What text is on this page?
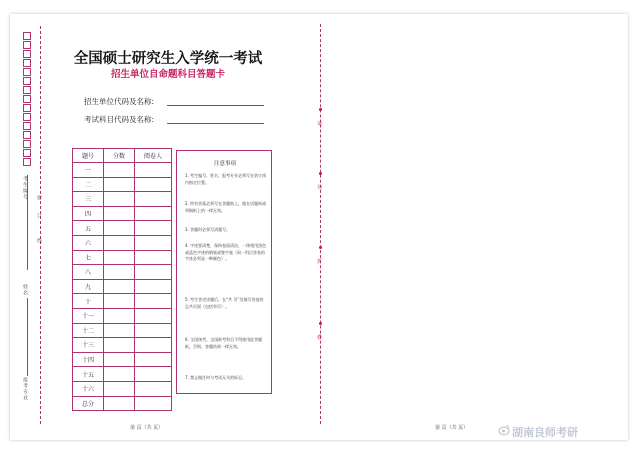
考生编号 密
订
线
姓名
报考专业
全国硕士研究生入学统一考试
招生单位自命题科目答题卡
招生单位代码及名称:
考试科目代码及名称:
题号	分数	阅卷人
一		
二		
三		
四		
五		
六		
七		
八		
九		
十		
十一		
十二		
十三		
十四		
十五		
十六		
总分		
注意事项
1. 考生编号、姓名、报考专业必须写在装订线内指定位置。
2. 所有答案必须写在答题纸上，做在试题纸或草稿纸上的一律无效。
3. 答题时必须写清题号。
4. 字迹要清楚，保持卷面清洁，一律使用黑色或蓝色字迹的钢笔或签字笔（同一科目答卷的字迹必须是一种颜色）。
5. 考生答完试题后，在“共 页”处填写答卷的总共页面（包括草页）。
6. 全国统考、全国联考科目不得使用此答题纸，否则，答题结果一律无效。
7. 禁止做任何与考试无关的标记。
请
勿
折
叠
第 页（共 页）	第 页（共 页）	湖南良师考研
